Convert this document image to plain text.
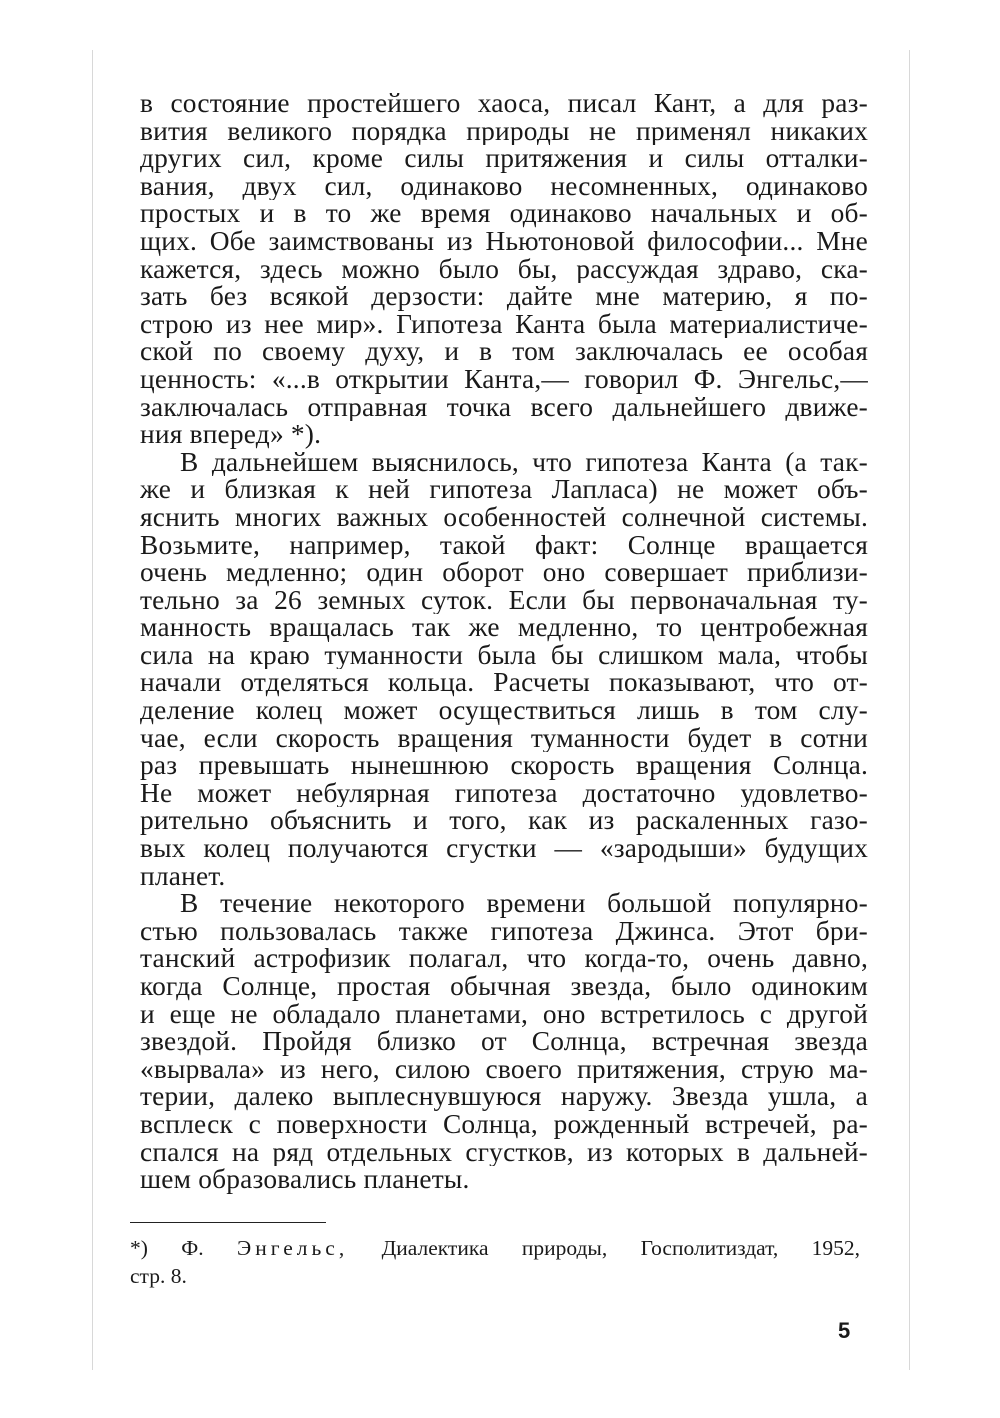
в состояние простейшего хаоса, писал Кант, а для раз-
вития великого порядка природы не применял никаких
других сил, кроме силы притяжения и силы отталки-
вания, двух сил, одинаково несомненных, одинаково
простых и в то же время одинаково начальных и об-
щих. Обе заимствованы из Ньютоновой философии... Мне
кажется, здесь можно было бы, рассуждая здраво, ска-
зать без всякой дерзости: дайте мне материю, я по-
строю из нее мир». Гипотеза Канта была материалистиче-
ской по своему духу, и в том заключалась ее особая
ценность: «...в открытии Канта,— говорил Ф. Энгельс,—
заключалась отправная точка всего дальнейшего движе-
ния вперед» *).

В дальнейшем выяснилось, что гипотеза Канта (а так-
же и близкая к ней гипотеза Лапласа) не может объ-
яснить многих важных особенностей солнечной системы.
Возьмите, например, такой факт: Солнце вращается
очень медленно; один оборот оно совершает приблизи-
тельно за 26 земных суток. Если бы первоначальная ту-
манность вращалась так же медленно, то центробежная
сила на краю туманности была бы слишком мала, чтобы
начали отделяться кольца. Расчеты показывают, что от-
деление колец может осуществиться лишь в том слу-
чае, если скорость вращения туманности будет в сотни
раз превышать нынешнюю скорость вращения Солнца.
Не может небулярная гипотеза достаточно удовлетво-
рительно объяснить и того, как из раскаленных газо-
вых колец получаются сгустки — «зародыши» будущих
планет.

В течение некоторого времени большой популярно-
стью пользовалась также гипотеза Джинса. Этот бри-
танский астрофизик полагал, что когда-то, очень давно,
когда Солнце, простая обычная звезда, было одиноким
и еще не обладало планетами, оно встретилось с другой
звездой. Пройдя близко от Солнца, встречная звезда
«вырвала» из него, силою своего притяжения, струю ма-
терии, далеко выплеснувшуюся наружу. Звезда ушла, а
всплеск с поверхности Солнца, рожденный встречей, ра-
спался на ряд отдельных сгустков, из которых в дальней-
шем образовались планеты.

*) Ф. Энгельс, Диалектика природы, Госполитиздат, 1952,
стр. 8.
5
